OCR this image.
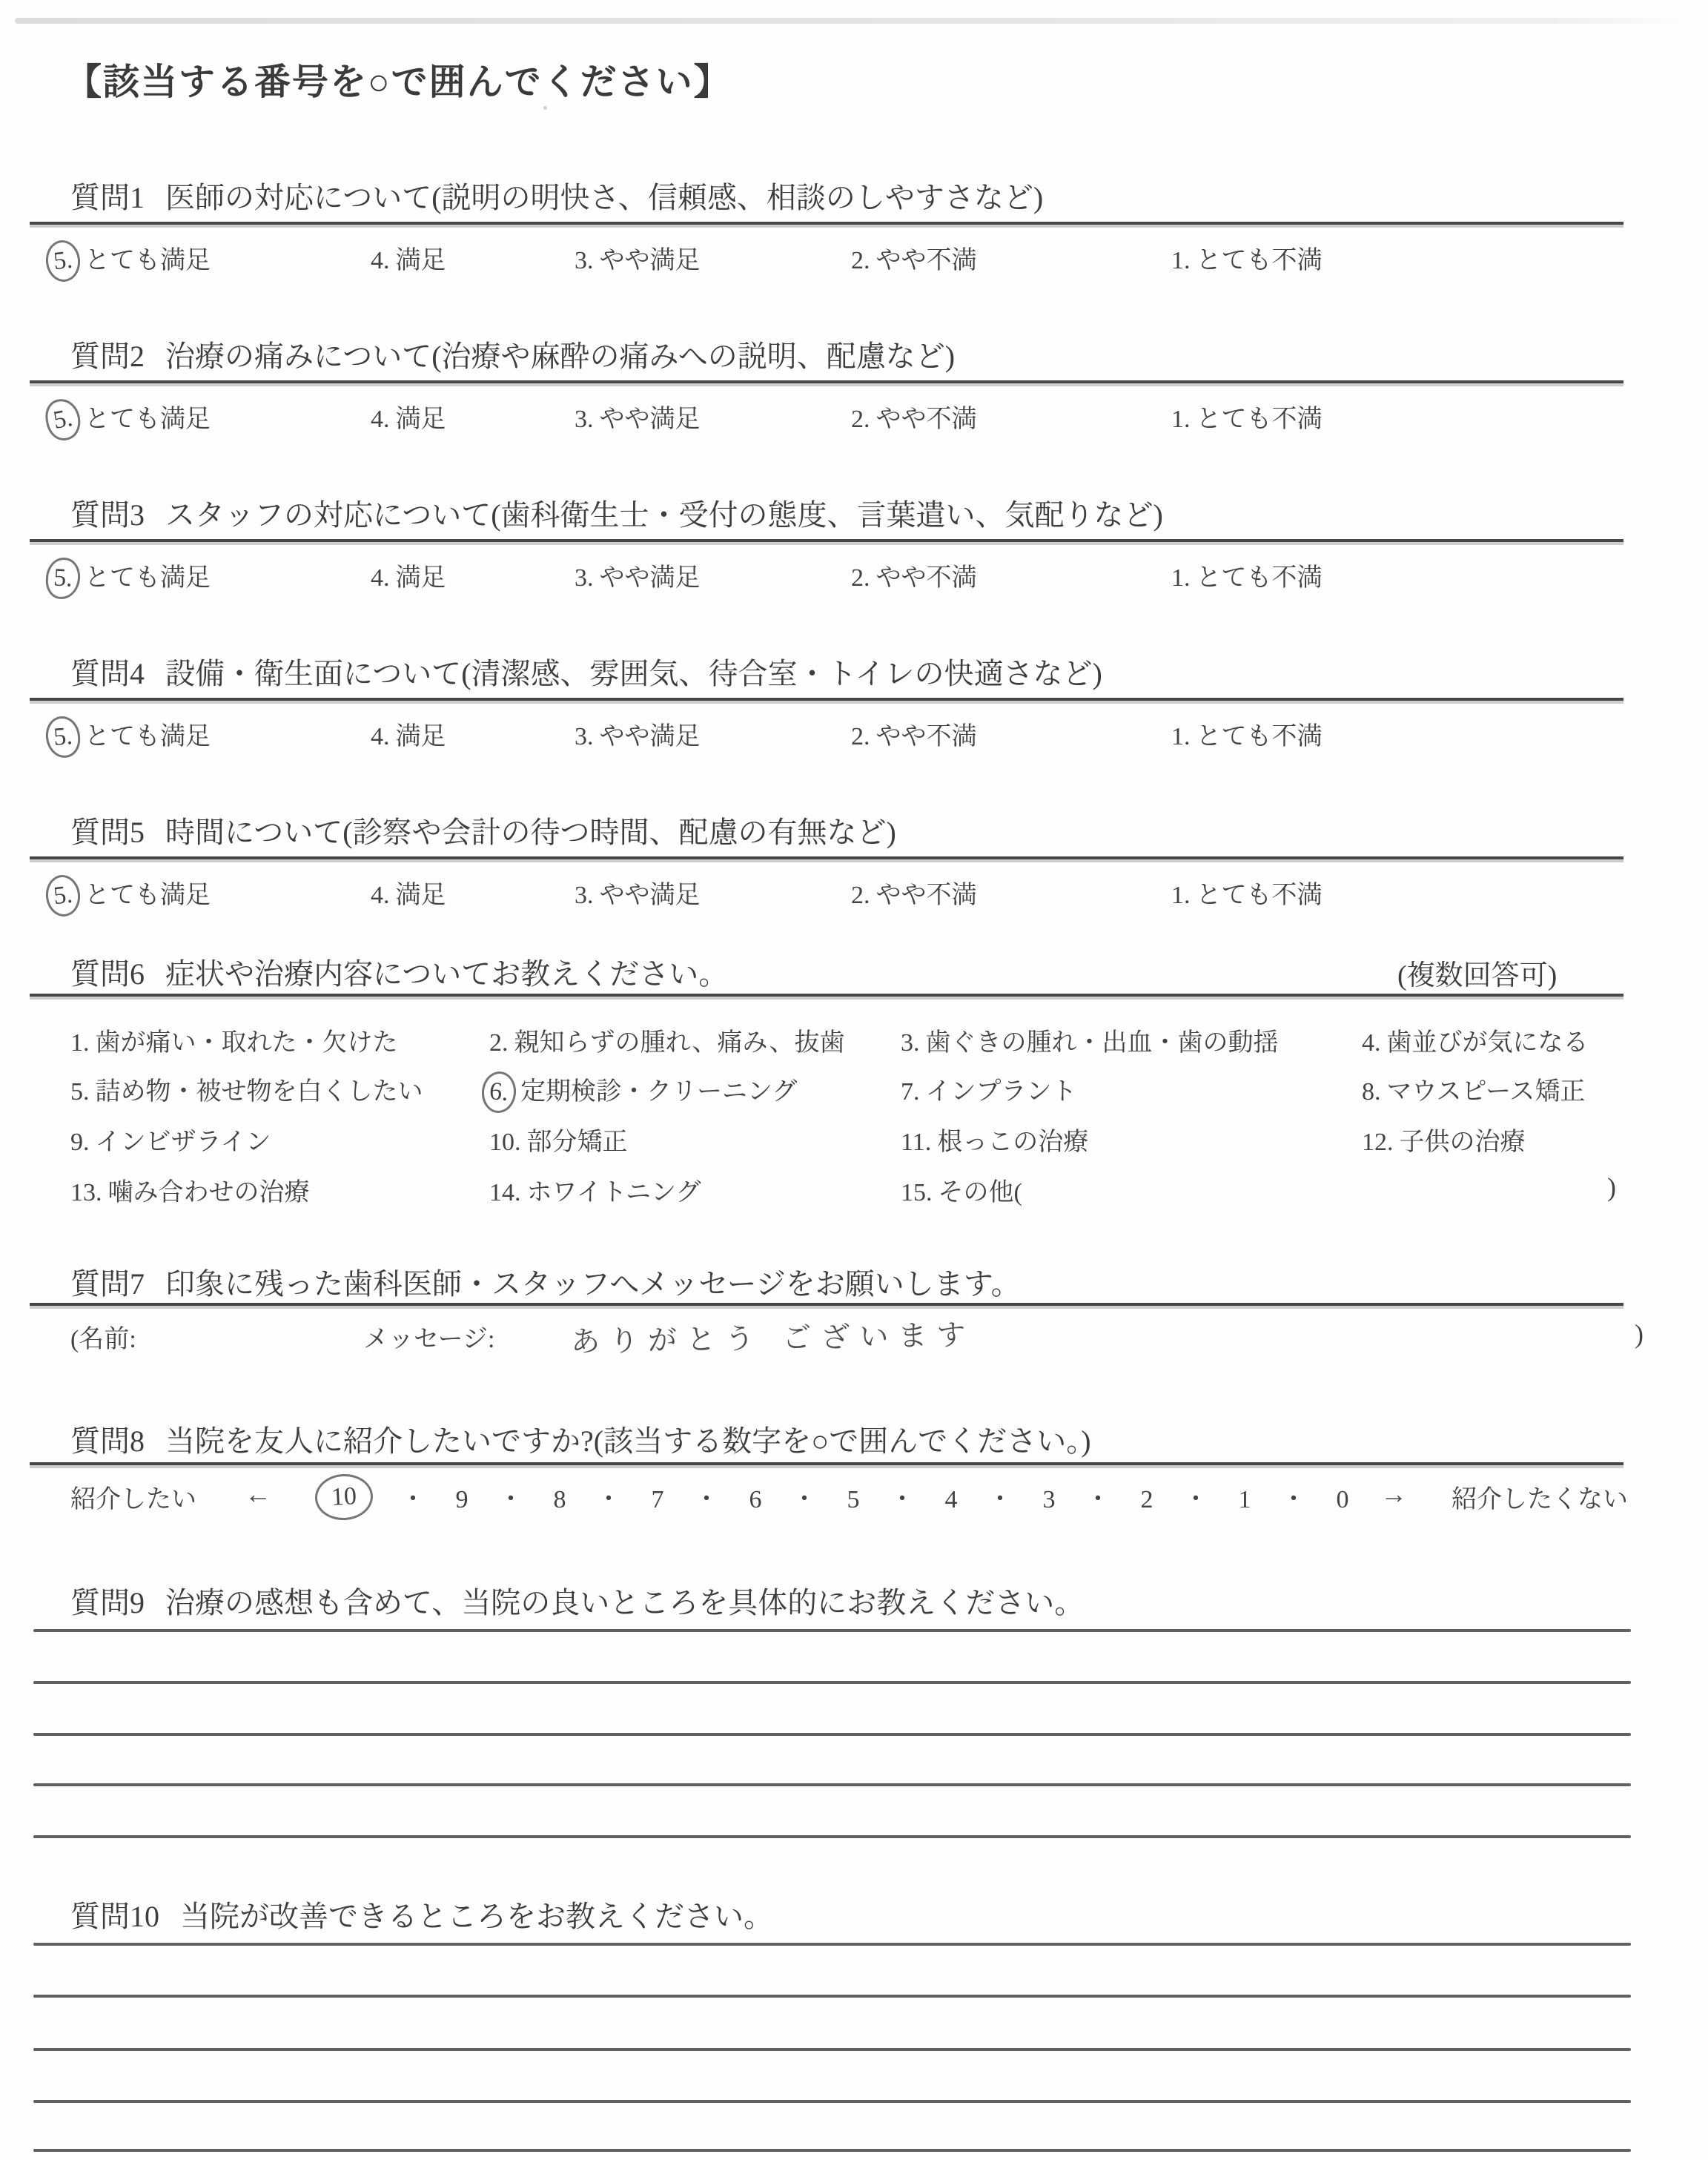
【該当する番号を○で囲んでください】
質問1 医師の対応について(説明の明快さ、信頼感、相談のしやすさなど)
5. とても満足	4. 満足	3. やや満足	2. やや不満	1. とても不満
質問2 治療の痛みについて(治療や麻酔の痛みへの説明、配慮など)
5. とても満足	4. 満足	3. やや満足	2. やや不満	1. とても不満
質問3 スタッフの対応について(歯科衛生士・受付の態度、言葉遣い、気配りなど)
5. とても満足	4. 満足	3. やや満足	2. やや不満	1. とても不満
質問4 設備・衛生面について(清潔感、雰囲気、待合室・トイレの快適さなど)
5. とても満足	4. 満足	3. やや満足	2. やや不満	1. とても不満
質問5 時間について(診察や会計の待つ時間、配慮の有無など)
5. とても満足	4. 満足	3. やや満足	2. やや不満	1. とても不満
質問6 症状や治療内容についてお教えください。	(複数回答可)
1. 歯が痛い・取れた・欠けた	2. 親知らずの腫れ、痛み、抜歯 3. 歯ぐきの腫れ・出血・歯の動揺	4. 歯並びが気になる
5. 詰め物・被せ物を白くしたい	6. 定期検診・クリーニング	7. インプラント	8. マウスピース矯正
9. インビザライン	10. 部分矯正	11. 根っこの治療	12. 子供の治療
13. 噛み合わせの治療	14. ホワイトニング	15. その他(	)
質問7 印象に残った歯科医師・スタッフへメッセージをお願いします。
(名前:	メッセージ:	ありがとう ございます	)
質問8 当院を友人に紹介したいですか?(該当する数字を○で囲んでください。)
紹介したい ← 10 ・ 9 ・ 8 ・ 7 ・ 6 ・ 5 ・ 4 ・ 3 ・ 2 ・ 1 ・ 0 → 紹介したくない
質問9 治療の感想も含めて、当院の良いところを具体的にお教えください。
質問10 当院が改善できるところをお教えください。
